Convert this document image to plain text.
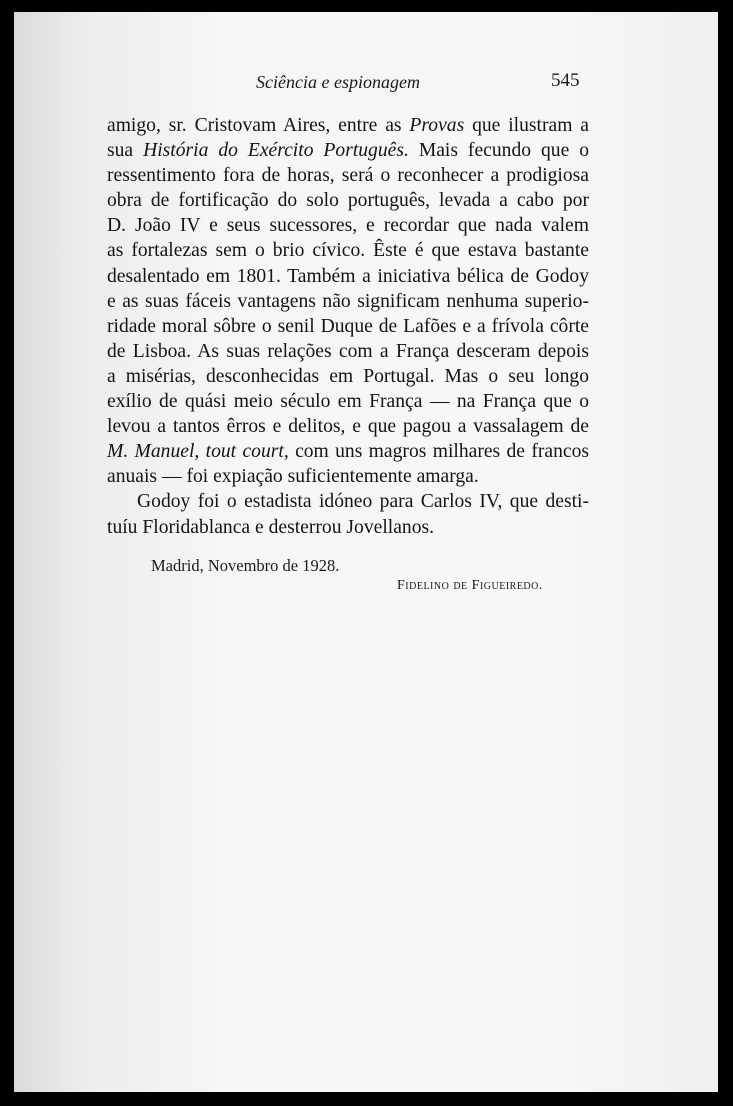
Sciência e espionagem	545
amigo, sr. Cristovam Aires, entre as Provas que ilustram a
sua História do Exército Português. Mais fecundo que o
ressentimento fora de horas, será o reconhecer a prodigiosa
obra de fortificação do solo português, levada a cabo por
D. João IV e seus sucessores, e recordar que nada valem
as fortalezas sem o brio cívico. Êste é que estava bastante
desalentado em 1801. Também a iniciativa bélica de Godoy
e as suas fáceis vantagens não significam nenhuma superio-
ridade moral sôbre o senil Duque de Lafões e a frívola côrte
de Lisboa. As suas relações com a França desceram depois
a misérias, desconhecidas em Portugal. Mas o seu longo
exílio de quási meio século em França — na França que o
levou a tantos êrros e delitos, e que pagou a vassalagem de
M. Manuel, tout court, com uns magros milhares de francos
anuais — foi expiação suficientemente amarga.
Godoy foi o estadista idóneo para Carlos IV, que desti-
tuíu Floridablanca e desterrou Jovellanos.
Madrid, Novembro de 1928.
Fidelino de Figueiredo.
